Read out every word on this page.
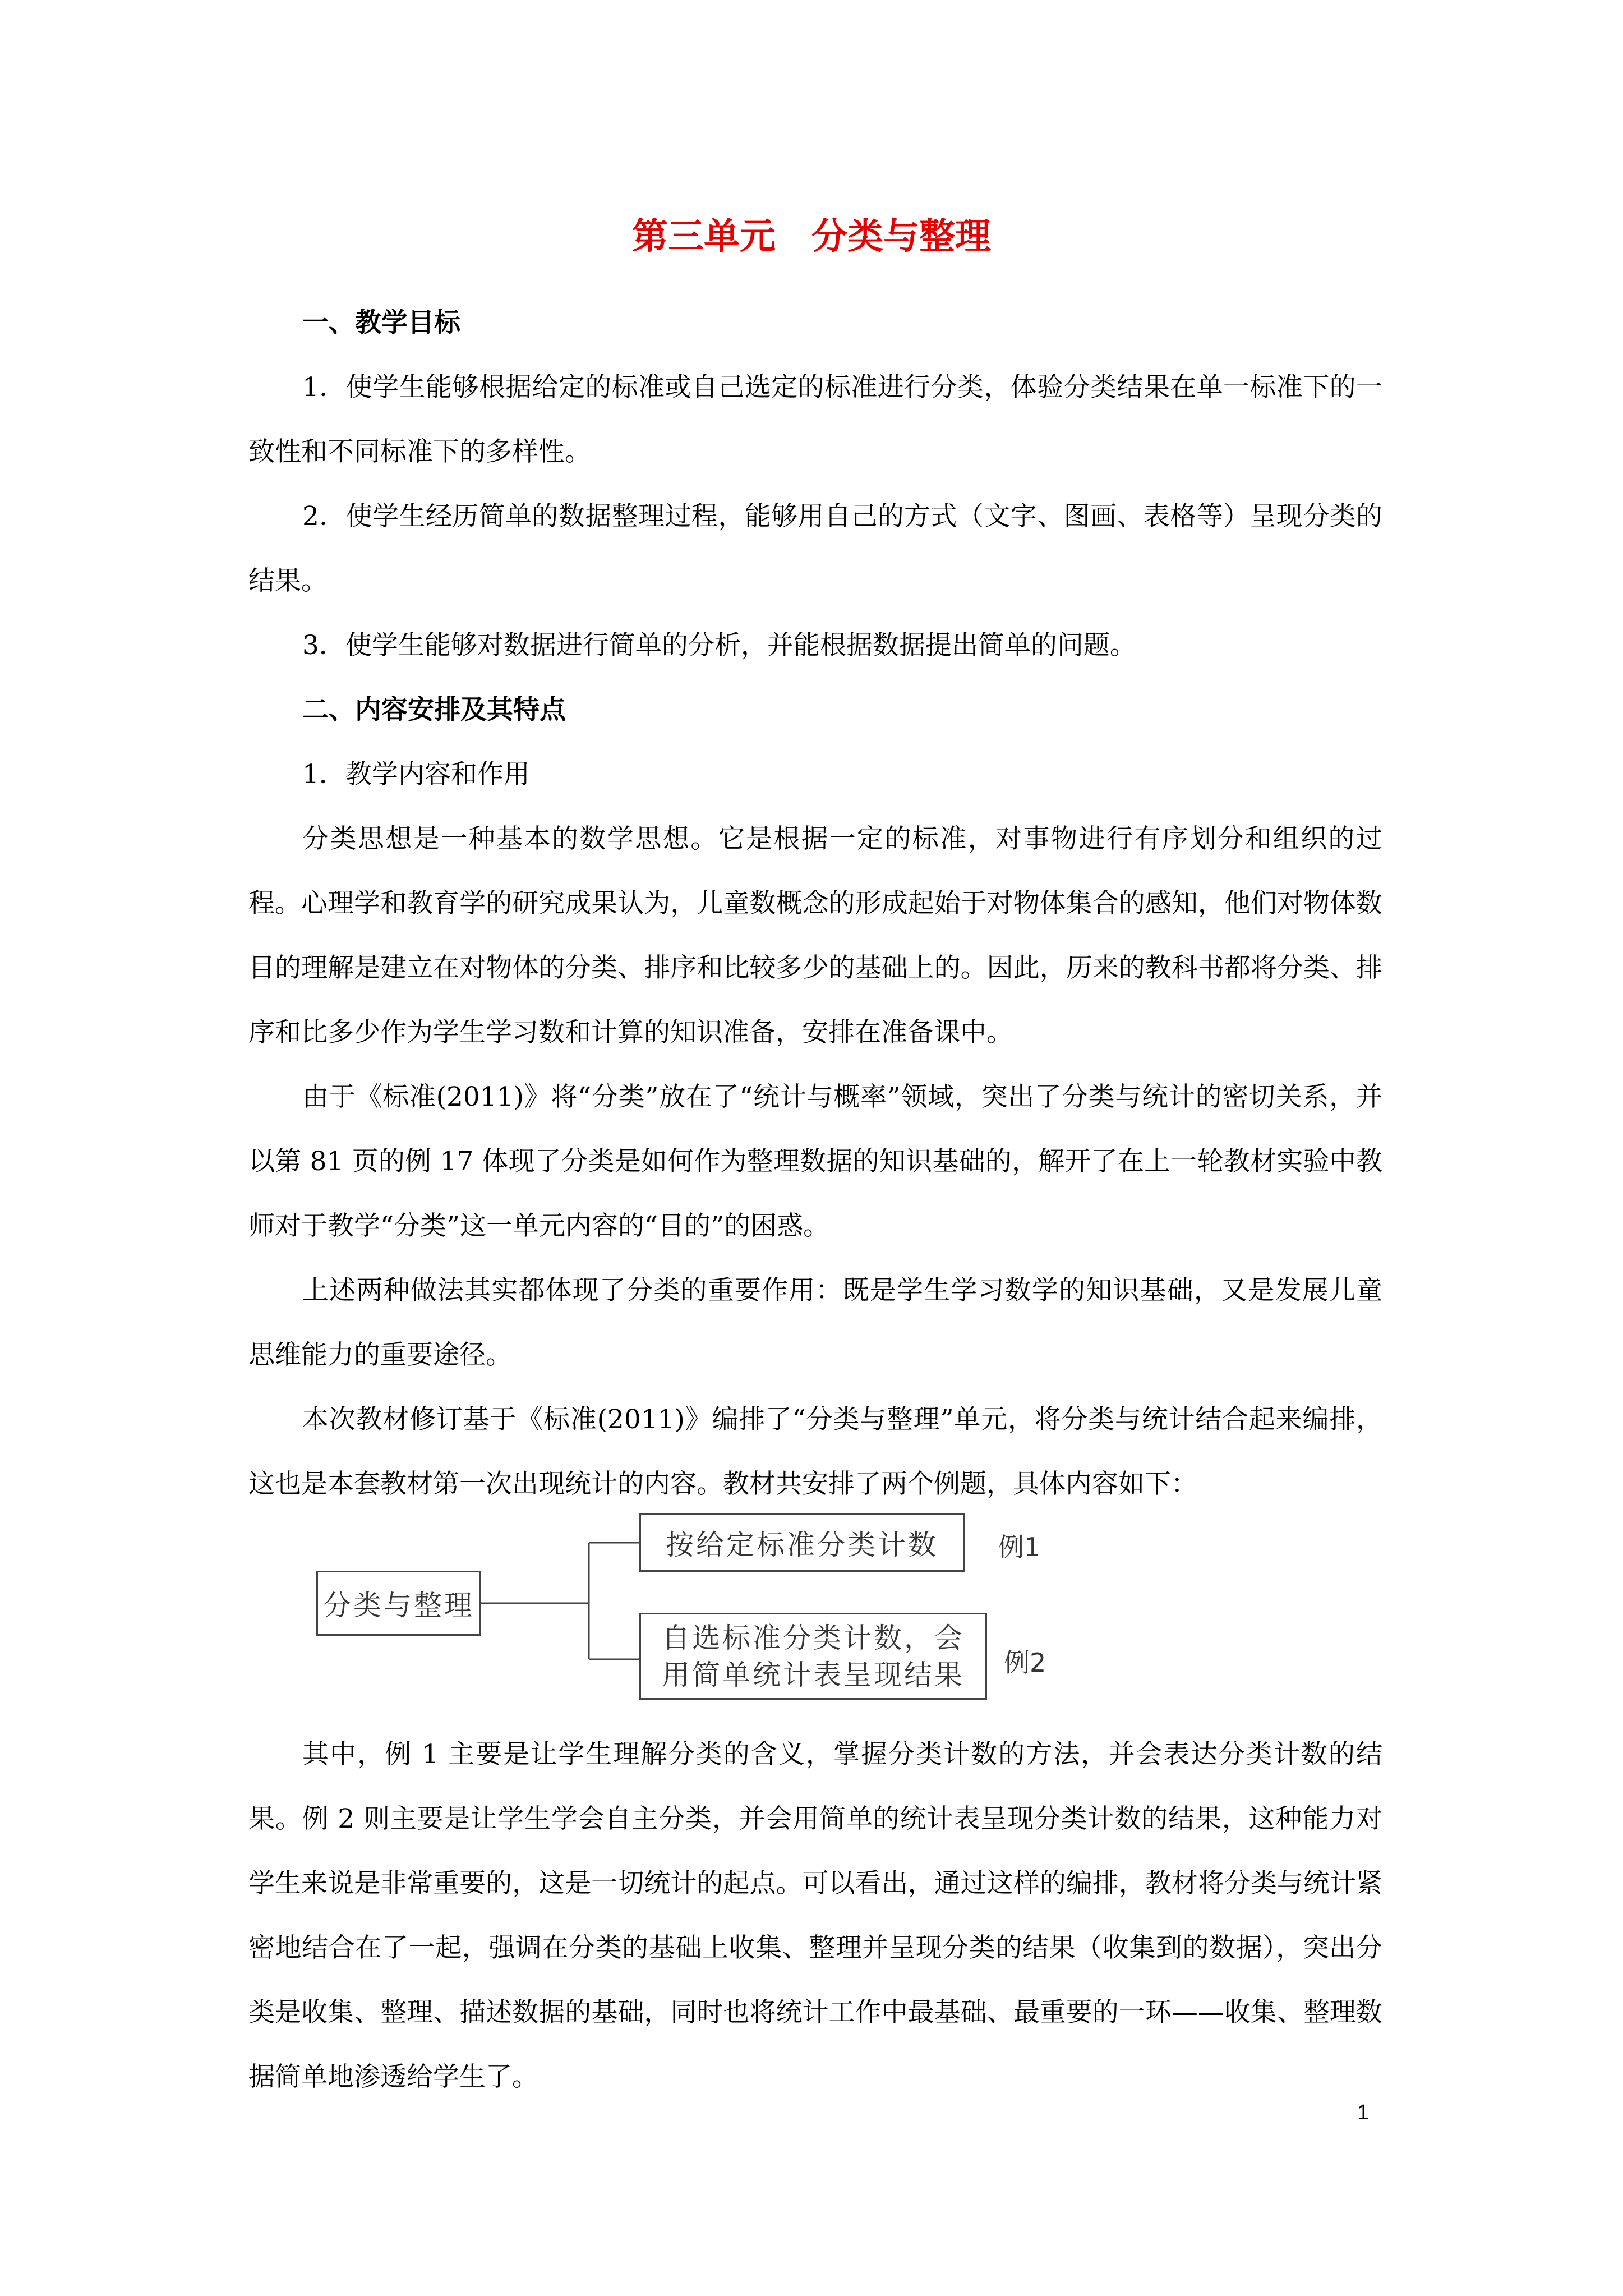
第三单元 分类与整理

一、教学目标

1．使学生能够根据给定的标准或自己选定的标准进行分类，体验分类结果在单一标准下的一致性和不同标准下的多样性。

2．使学生经历简单的数据整理过程，能够用自己的方式（文字、图画、表格等）呈现分类的结果。

3．使学生能够对数据进行简单的分析，并能根据数据提出简单的问题。

二、内容安排及其特点

1．教学内容和作用

分类思想是一种基本的数学思想。它是根据一定的标准，对事物进行有序划分和组织的过程。心理学和教育学的研究成果认为，儿童数概念的形成起始于对物体集合的感知，他们对物体数目的理解是建立在对物体的分类、排序和比较多少的基础上的。因此，历来的教科书都将分类、排序和比多少作为学生学习数和计算的知识准备，安排在准备课中。

由于《标准(2011)》将“分类”放在了“统计与概率”领域，突出了分类与统计的密切关系，并以第 81 页的例 17 体现了分类是如何作为整理数据的知识基础的，解开了在上一轮教材实验中教师对于教学“分类”这一单元内容的“目的”的困惑。

上述两种做法其实都体现了分类的重要作用：既是学生学习数学的知识基础，又是发展儿童思维能力的重要途径。

本次教材修订基于《标准(2011)》编排了“分类与整理”单元，将分类与统计结合起来编排，这也是本套教材第一次出现统计的内容。教材共安排了两个例题，具体内容如下：

分类与整理
按给定标准分类计数	例1
自选标准分类计数，会
用简单统计表呈现结果 例2

其中，例 1 主要是让学生理解分类的含义，掌握分类计数的方法，并会表达分类计数的结果。例 2 则主要是让学生学会自主分类，并会用简单的统计表呈现分类计数的结果，这种能力对学生来说是非常重要的，这是一切统计的起点。可以看出，通过这样的编排，教材将分类与统计紧密地结合在了一起，强调在分类的基础上收集、整理并呈现分类的结果（收集到的数据），突出分类是收集、整理、描述数据的基础，同时也将统计工作中最基础、最重要的一环——收集、整理数据简单地渗透给学生了。

1
